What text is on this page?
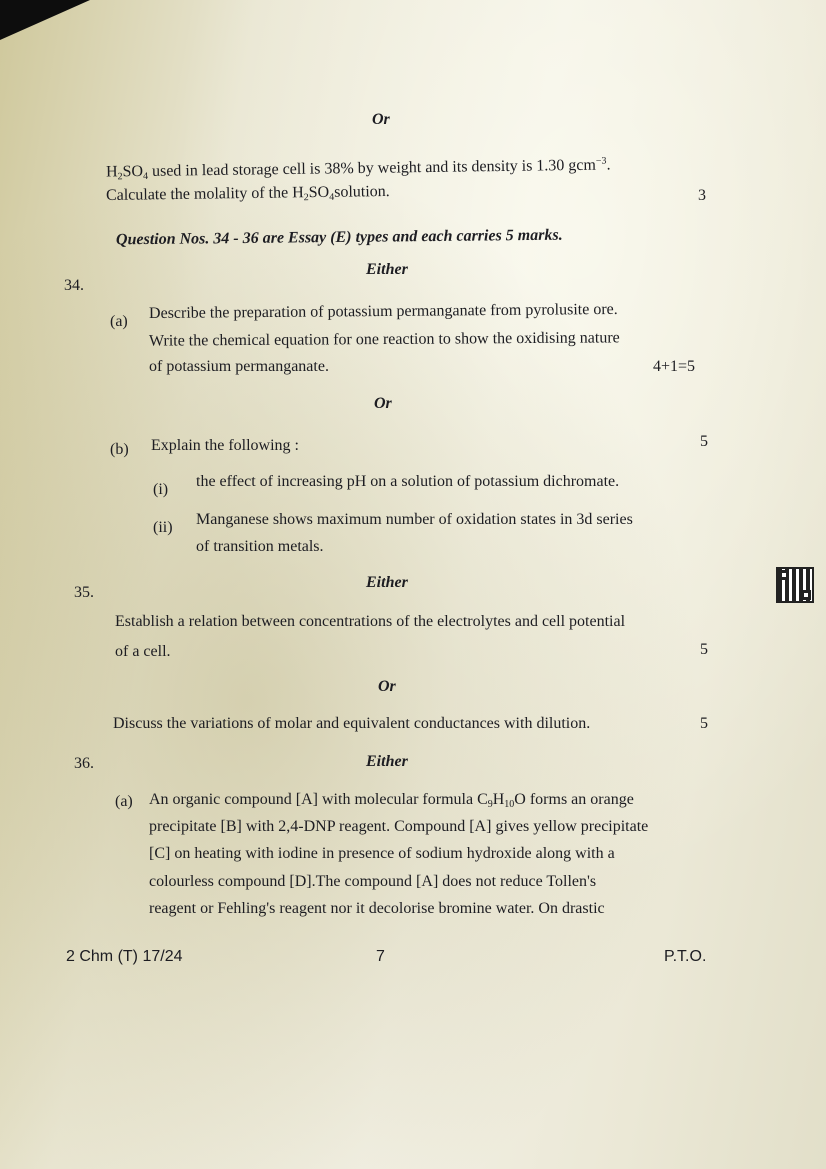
Or
$H_2SO_4$ used in lead storage cell is 38% by weight and its density is 1.30 gcm$^{-3}$.
Calculate the molality of the $H_2SO_4solution$.	3
Question Nos. 34 - 36 are Essay (E) types and each carries 5 marks.
Either
34.
(a) Describe the preparation of potassium permanganate from pyrolusite ore.
Write the chemical equation for one reaction to show the oxidising nature
of potassium permanganate.	4+1=5
Or
(b) Explain the following :	5
(i) the effect of increasing pH on a solution of potassium dichromate.
(ii) Manganese shows maximum number of oxidation states in 3d series
of transition metals.
Either
35.
Establish a relation between concentrations of the electrolytes and cell potential
of a cell.	5
Or
Discuss the variations of molar and equivalent conductances with dilution.	5
Either
36.
(a) An organic compound [A] with molecular formula $C_9H_{10}O$ forms an orange
precipitate [B] with 2,4-DNP reagent. Compound [A] gives yellow precipitate
[C] on heating with iodine in presence of sodium hydroxide along with a
colourless compound [D].The compound [A] does not reduce Tollen's
reagent or Fehling's reagent nor it decolorise bromine water. On drastic
2 Chm (T) 17/24	7	P.T.O.
